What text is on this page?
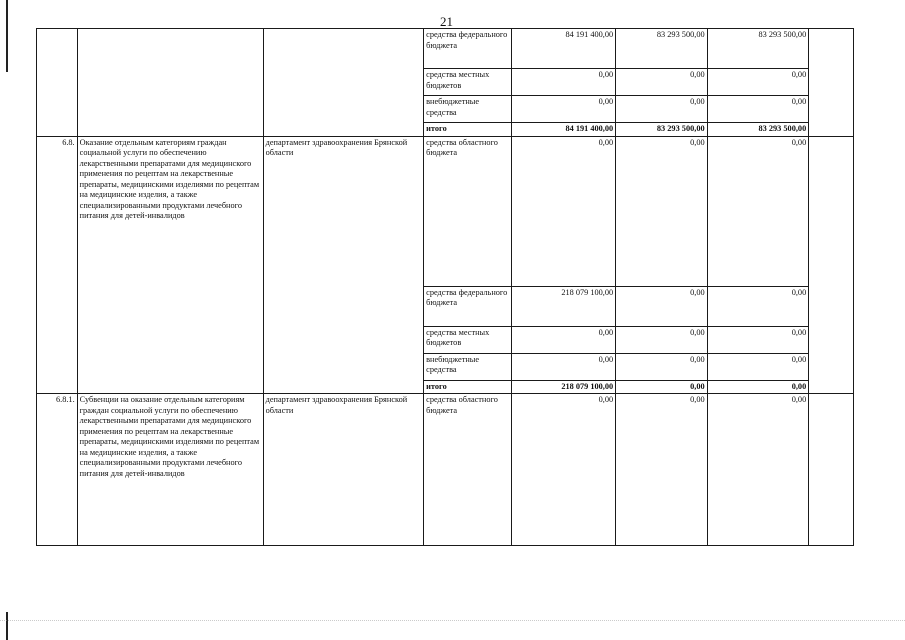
21
			средства федерального бюджета	84 191 400,00	83 293 500,00	83 293 500,00	
			средства местных бюджетов	0,00	0,00	0,00	
			внебюджетные средства	0,00	0,00	0,00	
			итого	84 191 400,00	83 293 500,00	83 293 500,00	
6.8.	Оказание отдельным категориям граждан социальной услуги по обеспечению лекарственными препаратами для медицинского применения по рецептам на лекарственные препараты, медицинскими изделиями по рецептам на медицинские изделия, а также специализированными продуктами лечебного питания для детей-инвалидов	департамент здравоохранения Брянской области	средства областного бюджета	0,00	0,00	0,00	
			средства федерального бюджета	218 079 100,00	0,00	0,00	
			средства местных бюджетов	0,00	0,00	0,00	
			внебюджетные средства	0,00	0,00	0,00	
			итого	218 079 100,00	0,00	0,00	
6.8.1.	Субвенции на оказание отдельным категориям граждан социальной услуги по обеспечению лекарственными препаратами для медицинского применения по рецептам на лекарственные препараты, медицинскими изделиями по рецептам на медицинские изделия, а также специализированными продуктами лечебного питания для детей-инвалидов	департамент здравоохранения Брянской области	средства областного бюджета	0,00	0,00	0,00	
